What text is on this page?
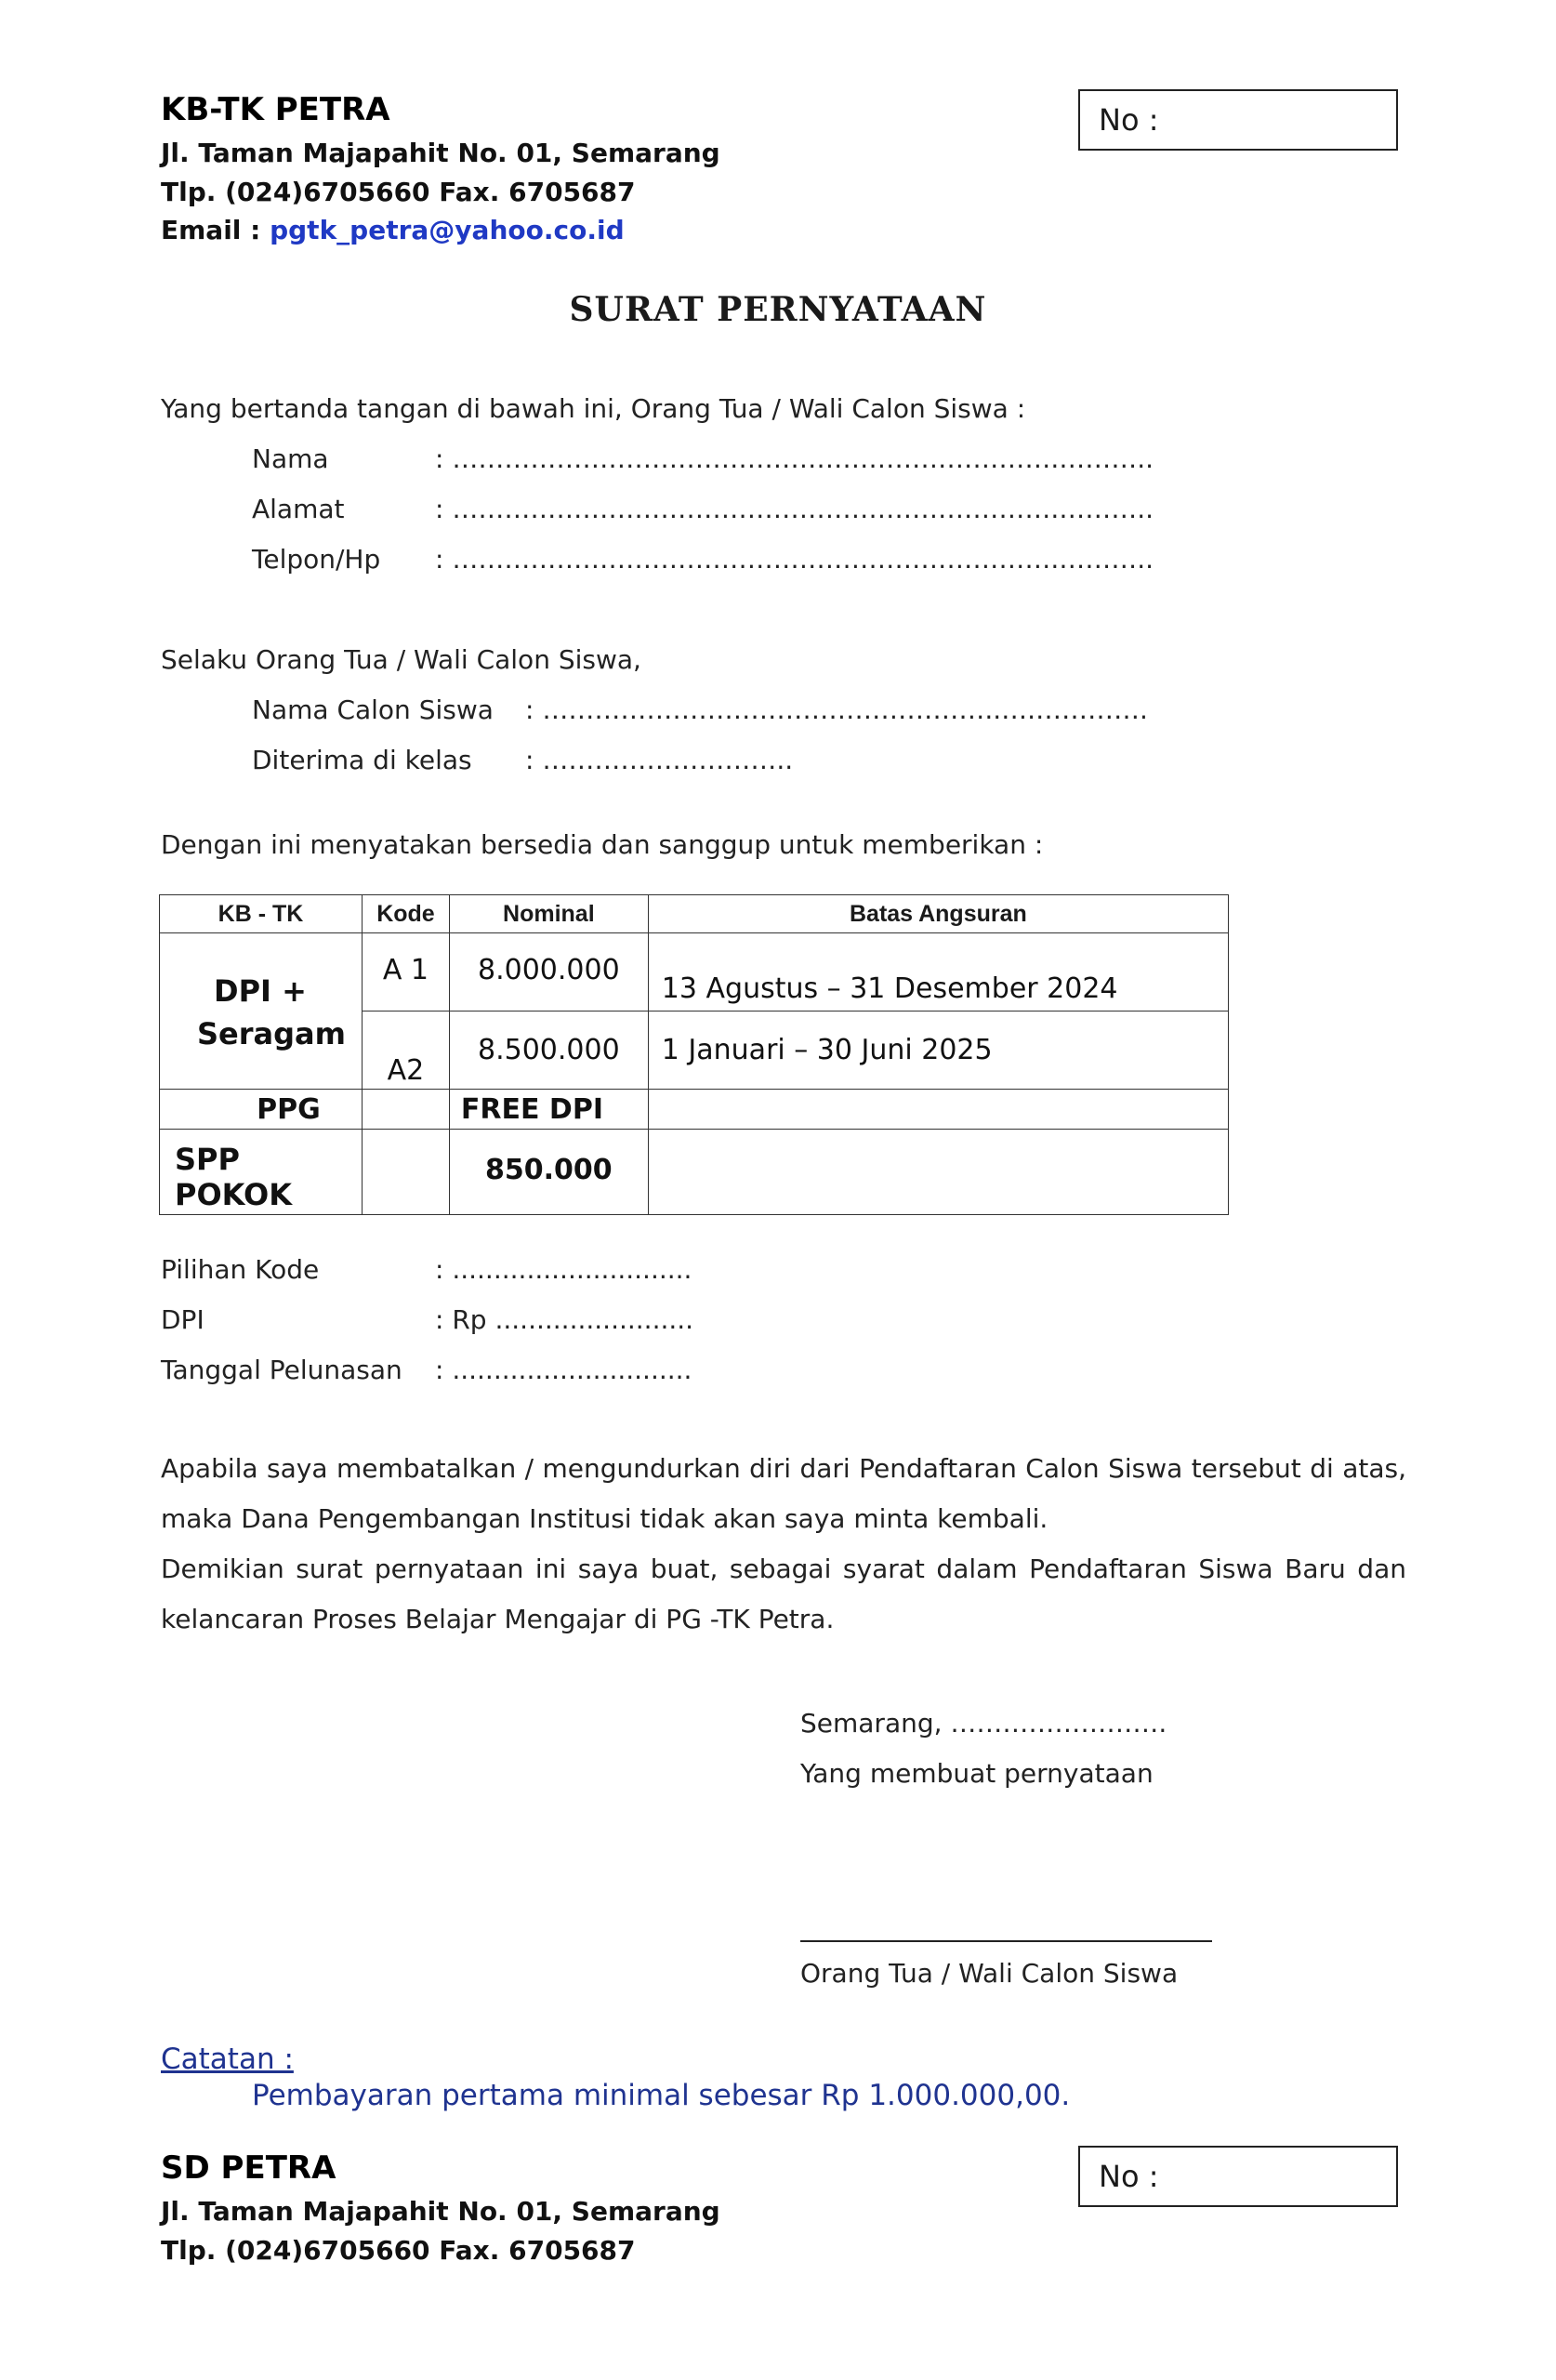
KB-TK PETRA
Jl. Taman Majapahit No. 01, Semarang
Tlp. (024)6705660 Fax. 6705687
Email : pgtk_petra@yahoo.co.id
No :
SURAT PERNYATAAN
Yang bertanda tangan di bawah ini, Orang Tua / Wali Calon Siswa :
Nama	: …………………………………………………………….………..
Alamat	: …………………………………………………………….………..
Telpon/Hp : …………………………………………………………….………..
Selaku Orang Tua / Wali Calon Siswa,
Nama Calon Siswa : ……………………………………………..….………….
Diterima di kelas : ………………………..
Dengan ini menyatakan bersedia dan sanggup untuk memberikan :
KB - TK	Kode	Nominal	Batas Angsuran

DPI +
Seragam	A 1	8.000.000	13 Agustus – 31 Desember 2024
	A2	8.500.000	1 Januari – 30 Juni 2025
PPG		FREE DPI	
SPP POKOK		850.000	
Pilihan Kode	: .............................
DPI	: Rp ........................
Tanggal Pelunasan : .............................
Apabila saya membatalkan / mengundurkan diri dari Pendaftaran Calon Siswa tersebut di atas, maka Dana Pengembangan Institusi tidak akan saya minta kembali.
Demikian surat pernyataan ini saya buat, sebagai syarat dalam Pendaftaran Siswa Baru dan kelancaran Proses Belajar Mengajar di PG -TK Petra.
Semarang, …………………….
Yang membuat pernyataan
Orang Tua / Wali Calon Siswa
Catatan :
Pembayaran pertama minimal sebesar Rp 1.000.000,00.
SD PETRA
Jl. Taman Majapahit No. 01, Semarang
Tlp. (024)6705660 Fax. 6705687
No :
